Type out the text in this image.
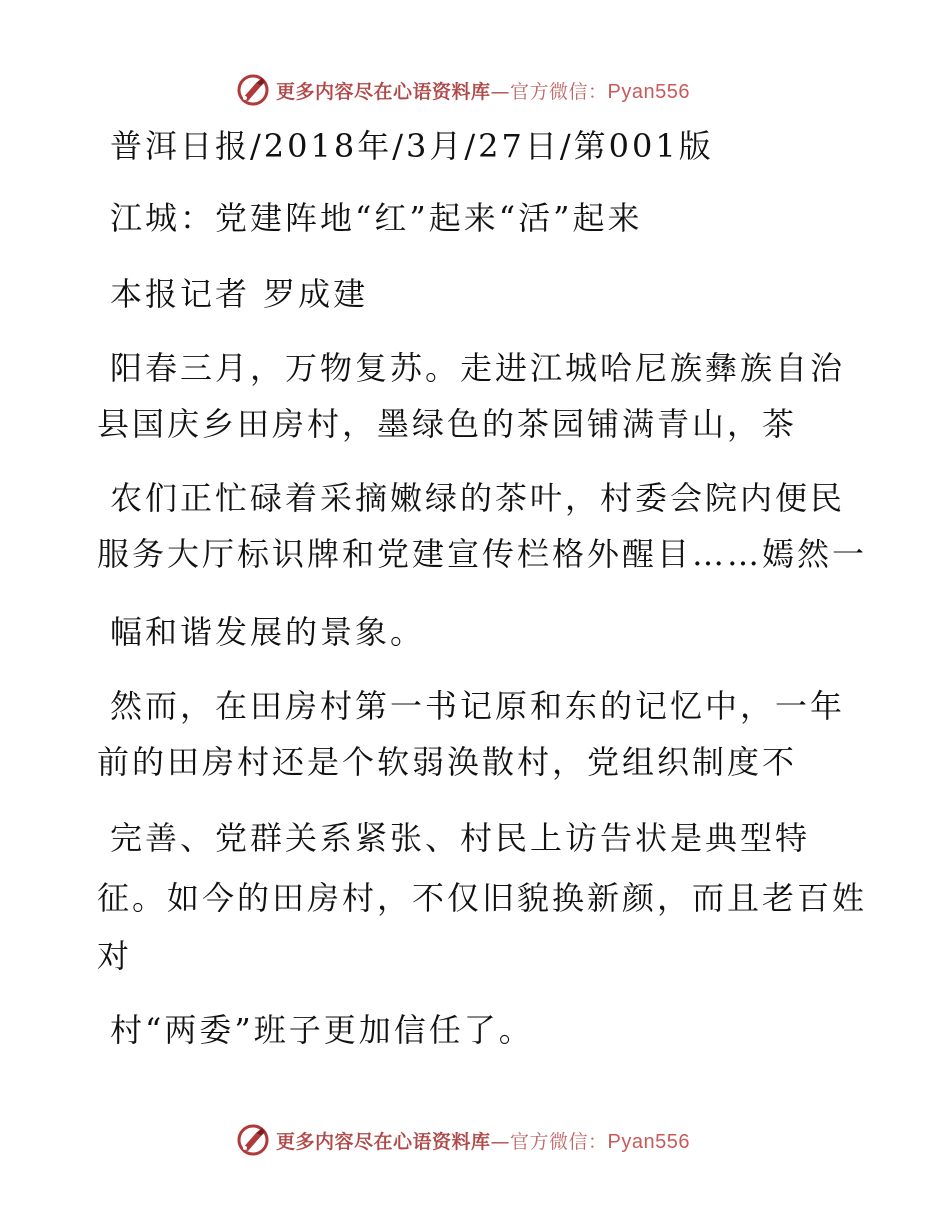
更多内容尽在心语资料库—官方微信：Pyan556
普洱日报/2018年/3月/27日/第001版
江城：党建阵地“红”起来“活”起来
本报记者 罗成建
阳春三月，万物复苏。走进江城哈尼族彝族自治
县国庆乡田房村，墨绿色的茶园铺满青山，茶
农们正忙碌着采摘嫩绿的茶叶，村委会院内便民
服务大厅标识牌和党建宣传栏格外醒目……嫣然一
幅和谐发展的景象。
然而，在田房村第一书记原和东的记忆中，一年
前的田房村还是个软弱涣散村，党组织制度不
完善、党群关系紧张、村民上访告状是典型特
征。如今的田房村，不仅旧貌换新颜，而且老百姓
对
村“两委”班子更加信任了。
更多内容尽在心语资料库—官方微信：Pyan556
